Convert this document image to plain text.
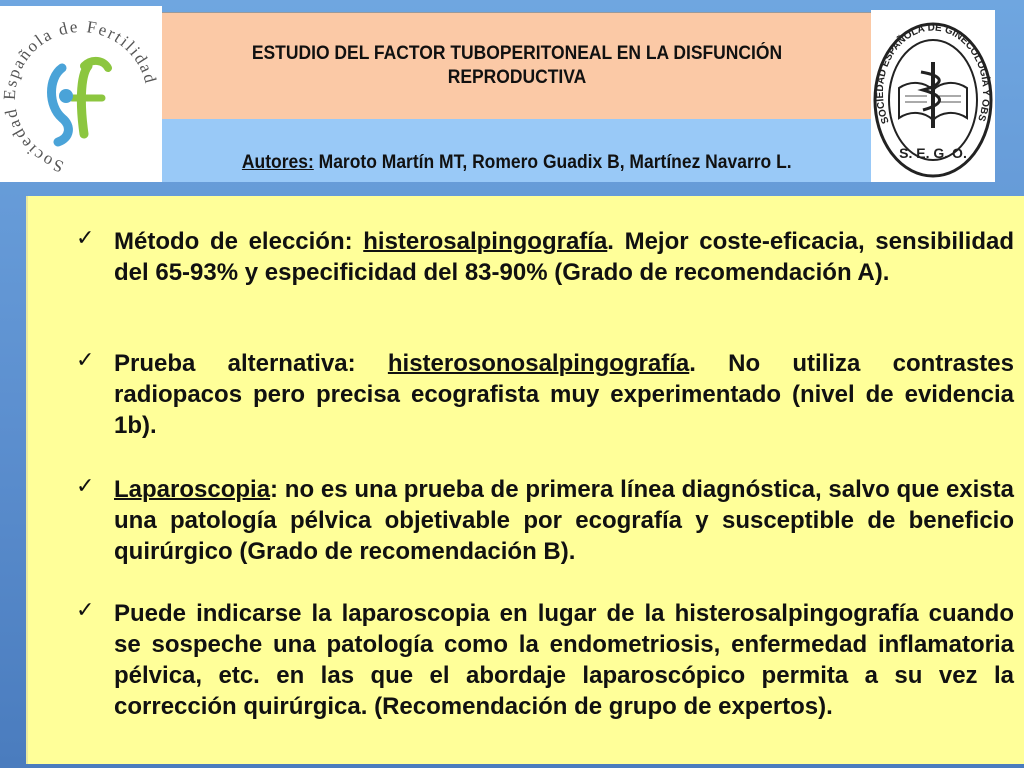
Sociedad Española de Fertilidad
ESTUDIO DEL FACTOR TUBOPERITONEAL EN LA DISFUNCIÓN REPRODUCTIVA
Autores: Maroto Martín MT, Romero Guadix B, Martínez Navarro L.
SOCIEDAD ESPAÑOLA DE GINECOLOGÍA Y OBS
S. E. G. O.
✓ Método de elección: histerosalpingografía. Mejor coste-eficacia, sensibilidad del 65-93% y especificidad del 83-90% (Grado de recomendación A).
✓ Prueba alternativa: histerosonosalpingografía. No utiliza contrastes radiopacos pero precisa ecografista muy experimentado (nivel de evidencia 1b).
✓ Laparoscopia: no es una prueba de primera línea diagnóstica, salvo que exista una patología pélvica objetivable por ecografía y susceptible de beneficio quirúrgico (Grado de recomendación B).
✓ Puede indicarse la laparoscopia en lugar de la histerosalpingografía cuando se sospeche una patología como la endometriosis, enfermedad inflamatoria pélvica, etc. en las que el abordaje laparoscópico permita a su vez la corrección quirúrgica. (Recomendación de grupo de expertos).
